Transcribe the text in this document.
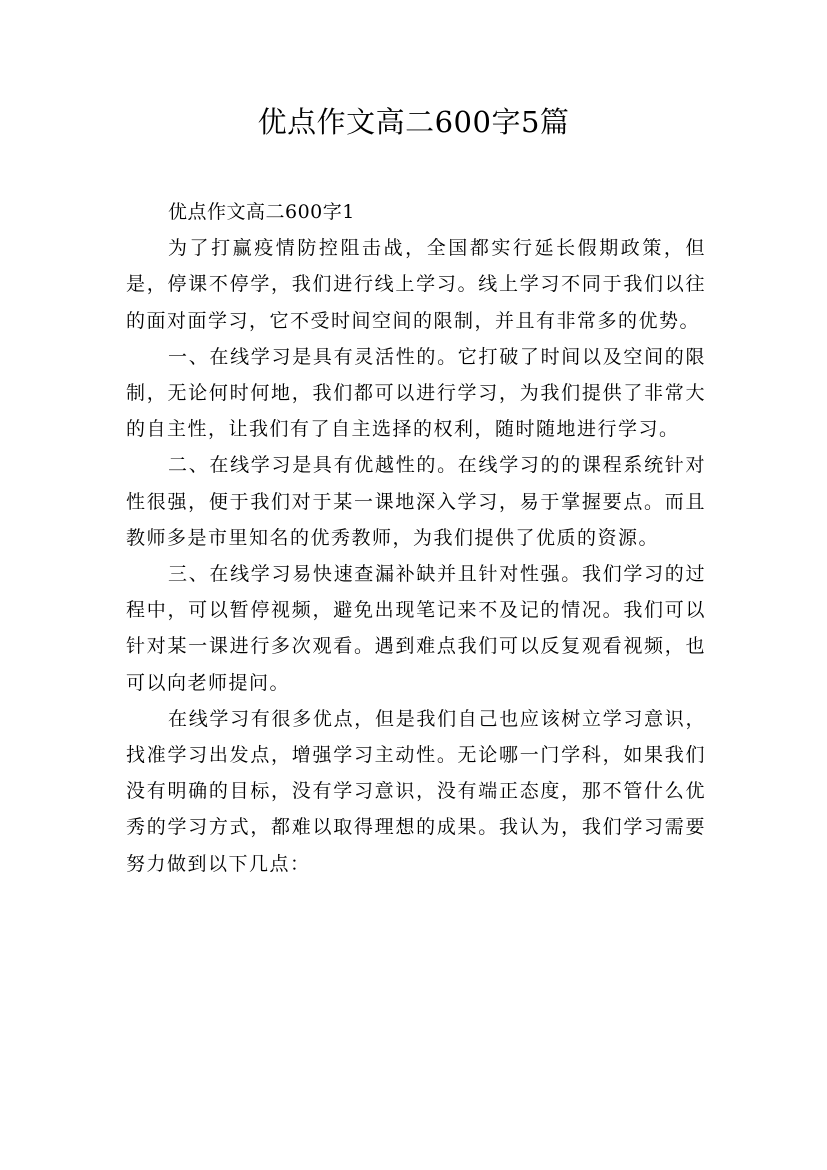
优点作文高二600字5篇
优点作文高二600字1

为了打赢疫情防控阻击战，全国都实行延长假期政策，但是，停课不停学，我们进行线上学习。线上学习不同于我们以往的面对面学习，它不受时间空间的限制，并且有非常多的优势。

一、在线学习是具有灵活性的。它打破了时间以及空间的限制，无论何时何地，我们都可以进行学习，为我们提供了非常大的自主性，让我们有了自主选择的权利，随时随地进行学习。

二、在线学习是具有优越性的。在线学习的的课程系统针对性很强，便于我们对于某一课地深入学习，易于掌握要点。而且教师多是市里知名的优秀教师，为我们提供了优质的资源。

三、在线学习易快速查漏补缺并且针对性强。我们学习的过程中，可以暂停视频，避免出现笔记来不及记的情况。我们可以针对某一课进行多次观看。遇到难点我们可以反复观看视频，也可以向老师提问。

在线学习有很多优点，但是我们自己也应该树立学习意识，找准学习出发点，增强学习主动性。无论哪一门学科，如果我们没有明确的目标，没有学习意识，没有端正态度，那不管什么优秀的学习方式，都难以取得理想的成果。我认为，我们学习需要努力做到以下几点：
